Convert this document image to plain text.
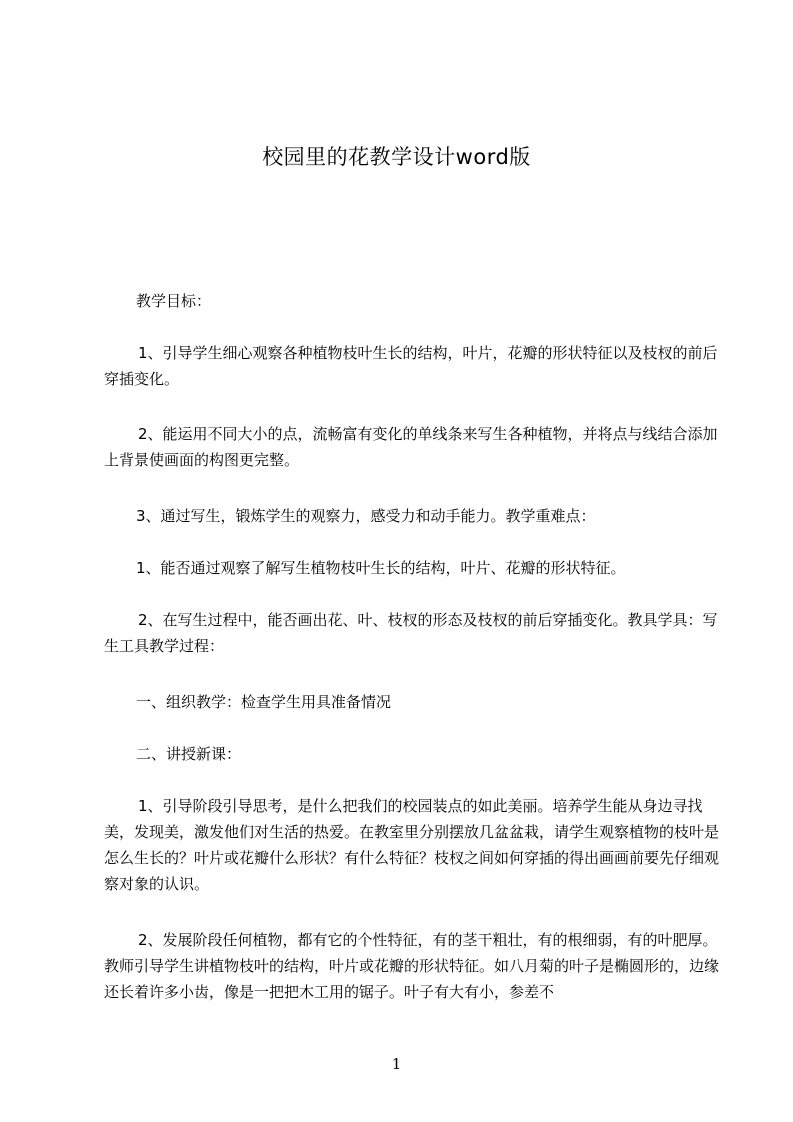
校园里的花教学设计word版

教学目标：

1、引导学生细心观察各种植物枝叶生长的结构，叶片，花瓣的形状特征以及枝杈的前后穿插变化。

2、能运用不同大小的点，流畅富有变化的单线条来写生各种植物，并将点与线结合添加上背景使画面的构图更完整。

3、通过写生，锻炼学生的观察力，感受力和动手能力。教学重难点：

1、能否通过观察了解写生植物枝叶生长的结构，叶片、花瓣的形状特征。

2、在写生过程中，能否画出花、叶、枝杈的形态及枝杈的前后穿插变化。教具学具：写生工具教学过程：

一、组织教学：检查学生用具准备情况

二、讲授新课：

1、引导阶段引导思考，是什么把我们的校园装点的如此美丽。培养学生能从身边寻找美，发现美，激发他们对生活的热爱。在教室里分别摆放几盆盆栽，请学生观察植物的枝叶是怎么生长的？叶片或花瓣什么形状？有什么特征？枝杈之间如何穿插的得出画画前要先仔细观察对象的认识。

2、发展阶段任何植物，都有它的个性特征，有的茎干粗壮，有的根细弱，有的叶肥厚。教师引导学生讲植物枝叶的结构，叶片或花瓣的形状特征。如八月菊的叶子是椭圆形的，边缘还长着许多小齿，像是一把把木工用的锯子。叶子有大有小，参差不

1
